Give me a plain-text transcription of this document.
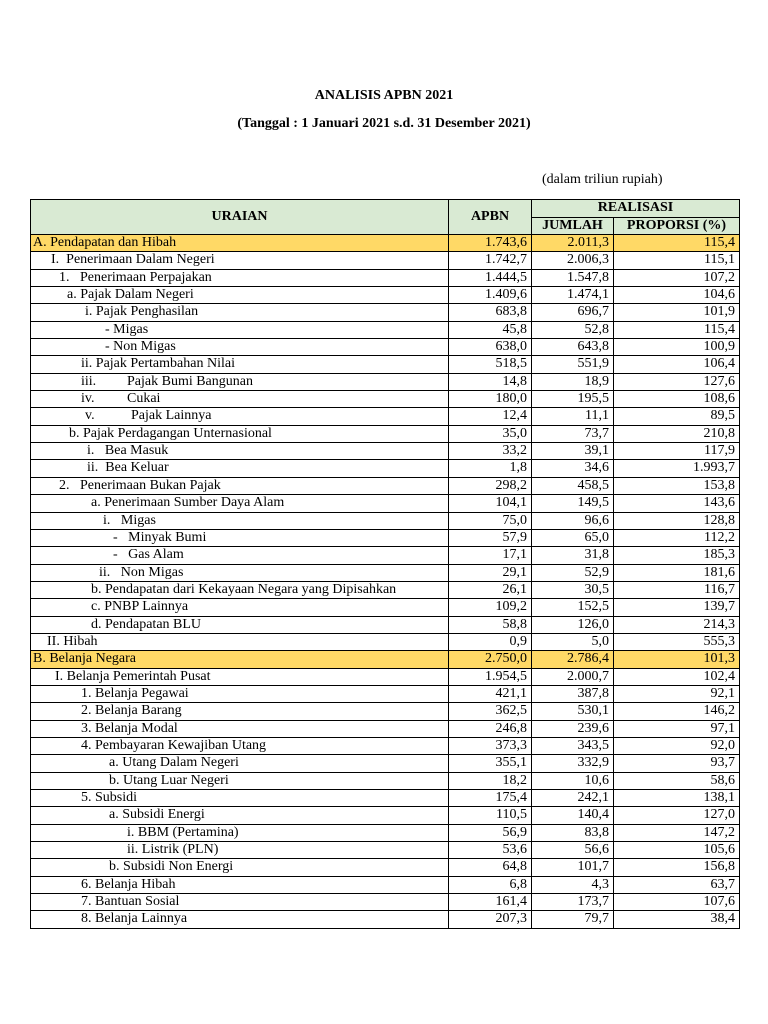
ANALISIS APBN 2021
(Tanggal : 1 Januari 2021 s.d. 31 Desember 2021)
(dalam triliun rupiah)
URAIAN	APBN	REALISASI	
		JUMLAH	PROPORSI (%)
A. Pendapatan dan Hibah	1.743,6	2.011,3	115,4
I.  Penerimaan Dalam Negeri	1.742,7	2.006,3	115,1
1.   Penerimaan Perpajakan	1.444,5	1.547,8	107,2
a. Pajak Dalam Negeri	1.409,6	1.474,1	104,6
i. Pajak Penghasilan	683,8	696,7	101,9
- Migas	45,8	52,8	115,4
- Non Migas	638,0	643,8	100,9
ii. Pajak Pertambahan Nilai	518,5	551,9	106,4
iii. Pajak Bumi Bangunan	14,8	18,9	127,6
iv. Cukai	180,0	195,5	108,6
v. Pajak Lainnya	12,4	11,1	89,5
b. Pajak Perdagangan Unternasional	35,0	73,7	210,8
i.   Bea Masuk	33,2	39,1	117,9
ii.  Bea Keluar	1,8	34,6	1.993,7
2.   Penerimaan Bukan Pajak	298,2	458,5	153,8
a. Penerimaan Sumber Daya Alam	104,1	149,5	143,6
i.   Migas	75,0	96,6	128,8
-   Minyak Bumi	57,9	65,0	112,2
-   Gas Alam	17,1	31,8	185,3
ii.   Non Migas	29,1	52,9	181,6
b. Pendapatan dari Kekayaan Negara yang Dipisahkan	26,1	30,5	116,7
c. PNBP Lainnya	109,2	152,5	139,7
d. Pendapatan BLU	58,8	126,0	214,3
II. Hibah	0,9	5,0	555,3
B. Belanja Negara	2.750,0	2.786,4	101,3
I. Belanja Pemerintah Pusat	1.954,5	2.000,7	102,4
1. Belanja Pegawai	421,1	387,8	92,1
2. Belanja Barang	362,5	530,1	146,2
3. Belanja Modal	246,8	239,6	97,1
4. Pembayaran Kewajiban Utang	373,3	343,5	92,0
a. Utang Dalam Negeri	355,1	332,9	93,7
b. Utang Luar Negeri	18,2	10,6	58,6
5. Subsidi	175,4	242,1	138,1
a. Subsidi Energi	110,5	140,4	127,0
i. BBM (Pertamina)	56,9	83,8	147,2
ii. Listrik (PLN)	53,6	56,6	105,6
b. Subsidi Non Energi	64,8	101,7	156,8
6. Belanja Hibah	6,8	4,3	63,7
7. Bantuan Sosial	161,4	173,7	107,6
8. Belanja Lainnya	207,3	79,7	38,4
